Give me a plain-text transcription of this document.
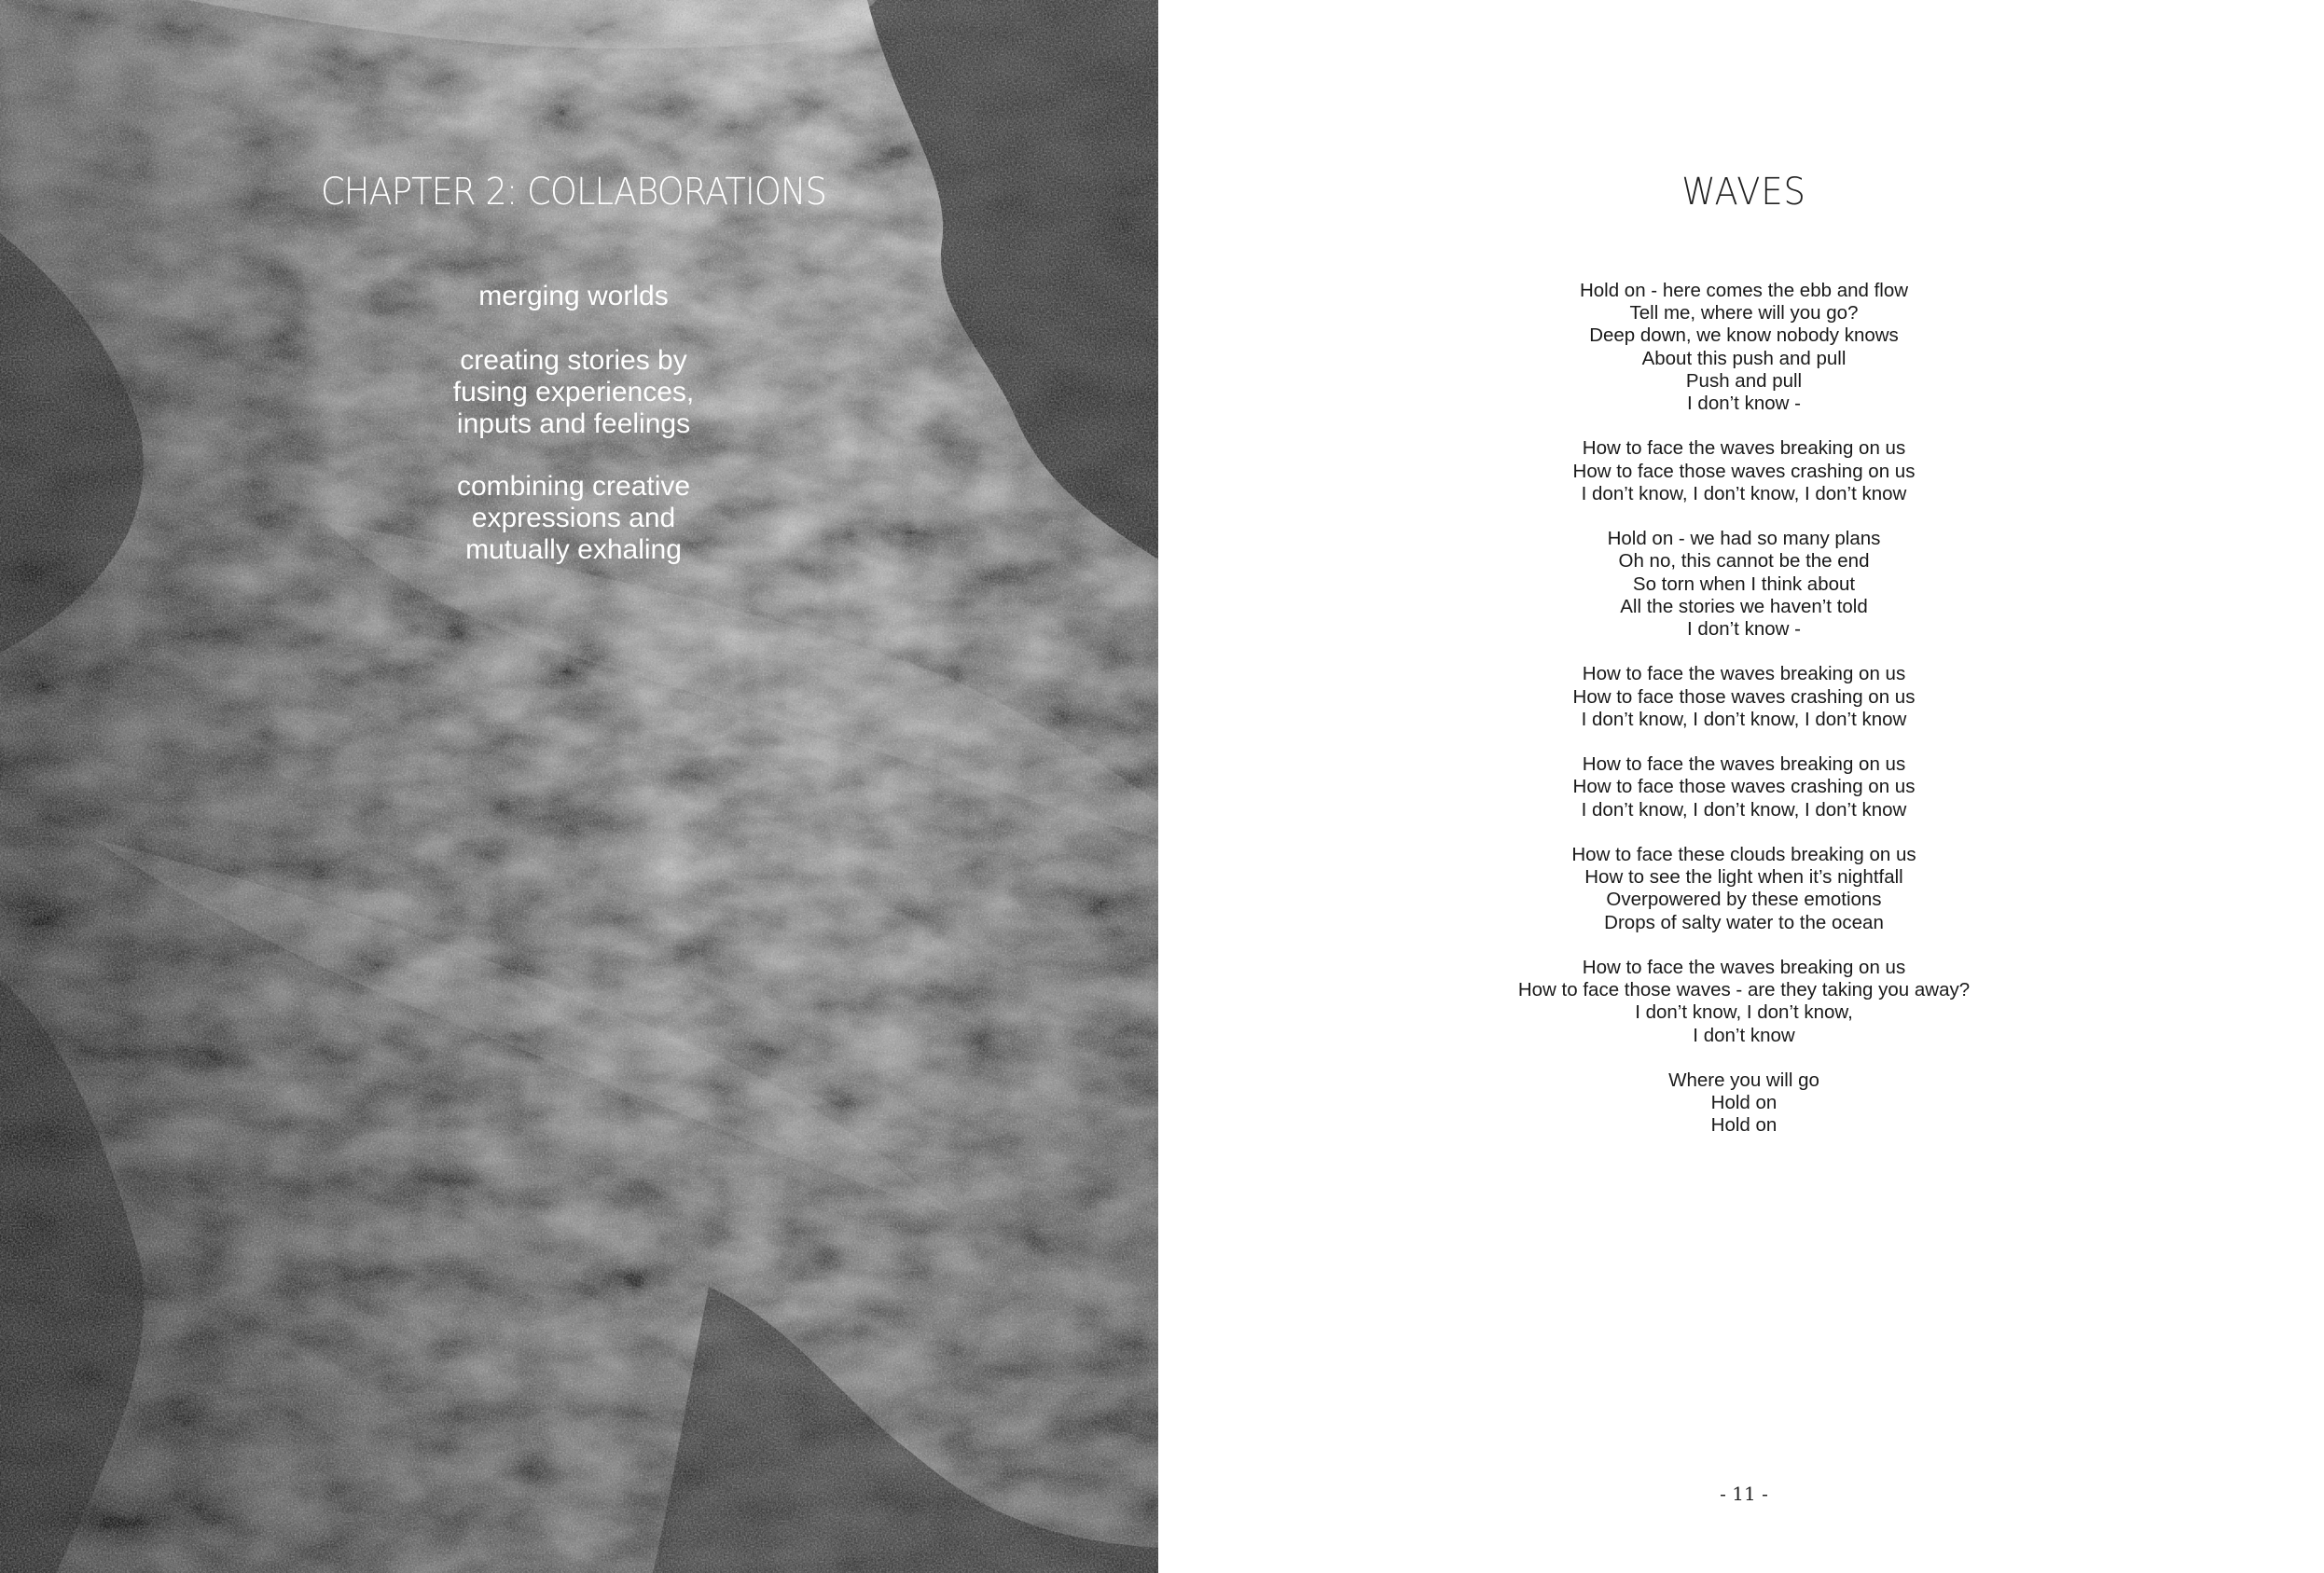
CHAPTER 2: COLLABORATIONS
merging worlds
creating stories by
fusing experiences,
inputs and feelings
combining creative
expressions and
mutually exhaling
WAVES
Hold on - here comes the ebb and flow
Tell me, where will you go?
Deep down, we know nobody knows
About this push and pull
Push and pull
I don’t know -
How to face the waves breaking on us
How to face those waves crashing on us
I don’t know, I don’t know, I don’t know
Hold on - we had so many plans
Oh no, this cannot be the end
So torn when I think about
All the stories we haven’t told
I don’t know -
How to face the waves breaking on us
How to face those waves crashing on us
I don’t know, I don’t know, I don’t know
How to face the waves breaking on us
How to face those waves crashing on us
I don’t know, I don’t know, I don’t know
How to face these clouds breaking on us
How to see the light when it’s nightfall
Overpowered by these emotions
Drops of salty water to the ocean
How to face the waves breaking on us
How to face those waves - are they taking you away?
I don’t know, I don’t know,
I don’t know
Where you will go
Hold on
Hold on
- 11 -
